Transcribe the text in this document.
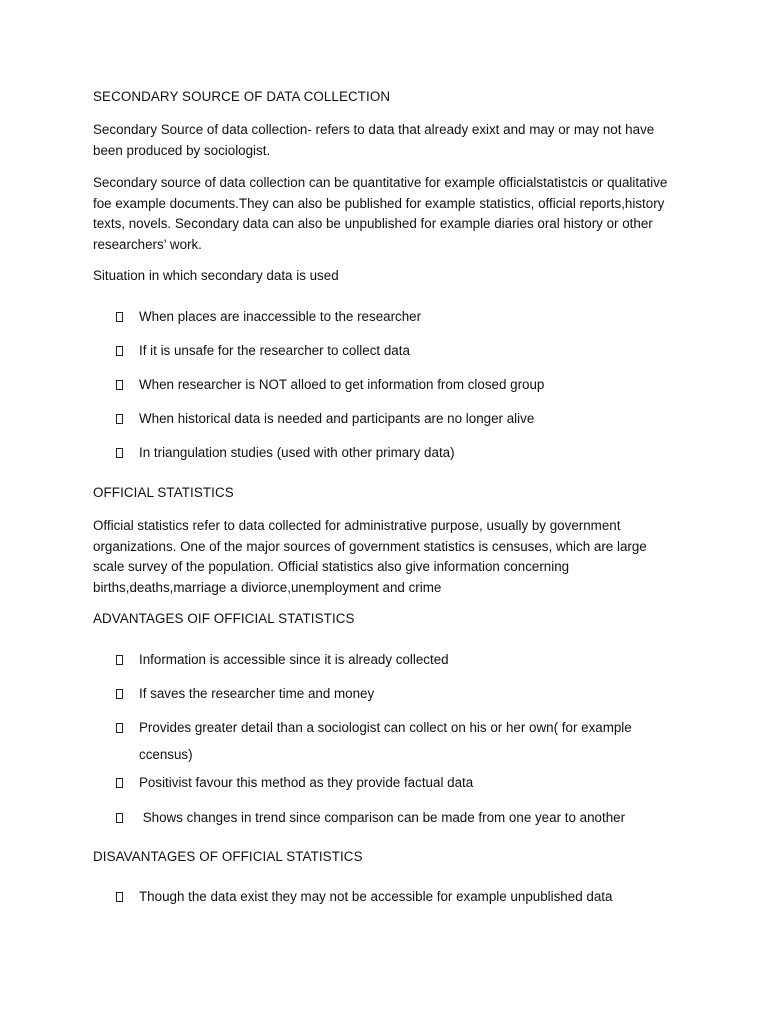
SECONDARY SOURCE OF DATA COLLECTION

Secondary Source of data collection- refers to data that already exixt and may or may not have been produced by sociologist.

Secondary source of data collection can be quantitative for example officialstatistcis or qualitative foe example documents.They can also be published for example statistics, official reports,history texts, novels. Secondary data can also be unpublished for example diaries oral history or other researchers’ work.

Situation in which secondary data is used

When places are inaccessible to the researcher
If it is unsafe for the researcher to collect data
When researcher is NOT alloed to get information from closed group
When historical data is needed and participants are no longer alive
In triangulation studies (used with other primary data)

OFFICIAL STATISTICS

Official statistics refer to data collected for administrative purpose, usually by government organizations. One of the major sources of government statistics is censuses, which are large scale survey of the population. Official statistics also give information concerning births,deaths,marriage a diviorce,unemployment and crime

ADVANTAGES OIF OFFICIAL STATISTICS

Information is accessible since it is already collected
If saves the researcher time and money
Provides greater detail than a sociologist can collect on his or her own( for example
ccensus)
Positivist favour this method as they provide factual data
Shows changes in trend since comparison can be made from one year to another

DISAVANTAGES OF OFFICIAL STATISTICS

Though the data exist they may not be accessible for example unpublished data
